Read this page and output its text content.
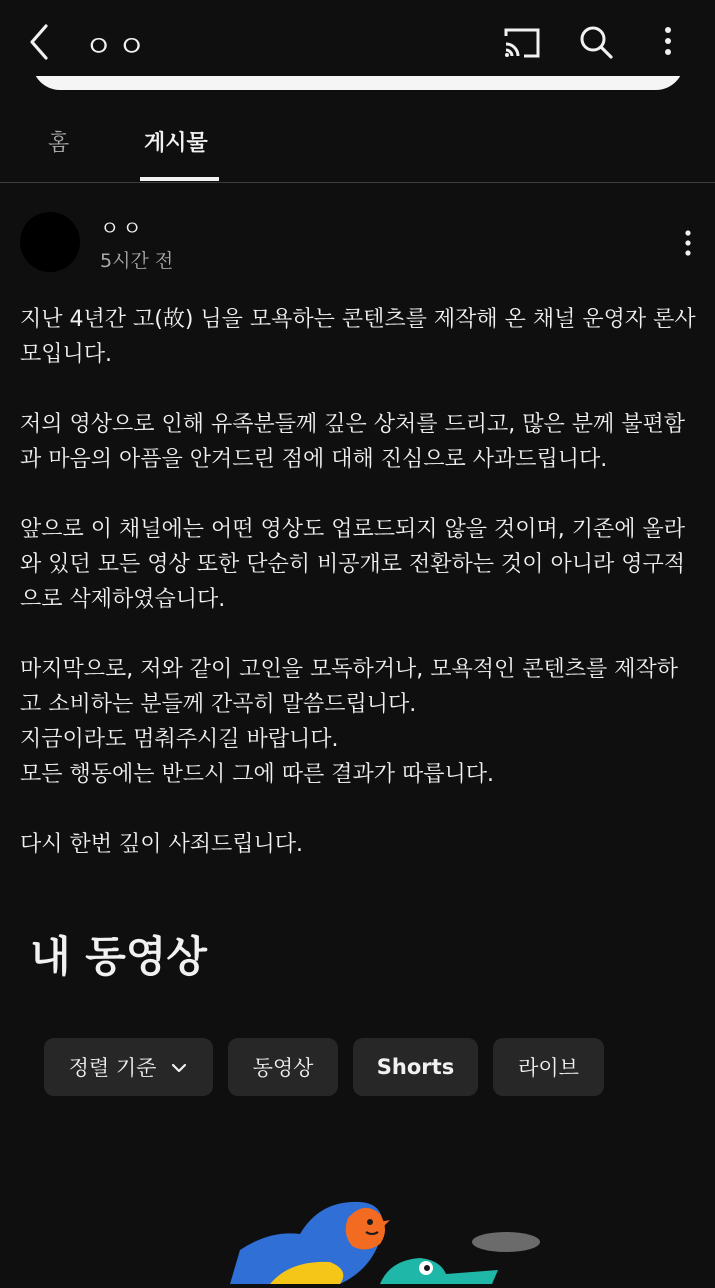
ㅇㅇ
홈	게시물
ㅇㅇ
5시간 전

지난 4년간 고(故) 님을 모욕하는 콘텐츠를 제작해 온 채널 운영자 론사모입니다.

저의 영상으로 인해 유족분들께 깊은 상처를 드리고, 많은 분께 불편함과 마음의 아픔을 안겨드린 점에 대해 진심으로 사과드립니다.

앞으로 이 채널에는 어떤 영상도 업로드되지 않을 것이며, 기존에 올라와 있던 모든 영상 또한 단순히 비공개로 전환하는 것이 아니라 영구적으로 삭제하였습니다.

마지막으로, 저와 같이 고인을 모독하거나, 모욕적인 콘텐츠를 제작하고 소비하는 분들께 간곡히 말씀드립니다.
지금이라도 멈춰주시길 바랍니다.
모든 행동에는 반드시 그에 따른 결과가 따릅니다.

다시 한번 깊이 사죄드립니다.

내 동영상
정렬 기준	동영상	Shorts	라이브
